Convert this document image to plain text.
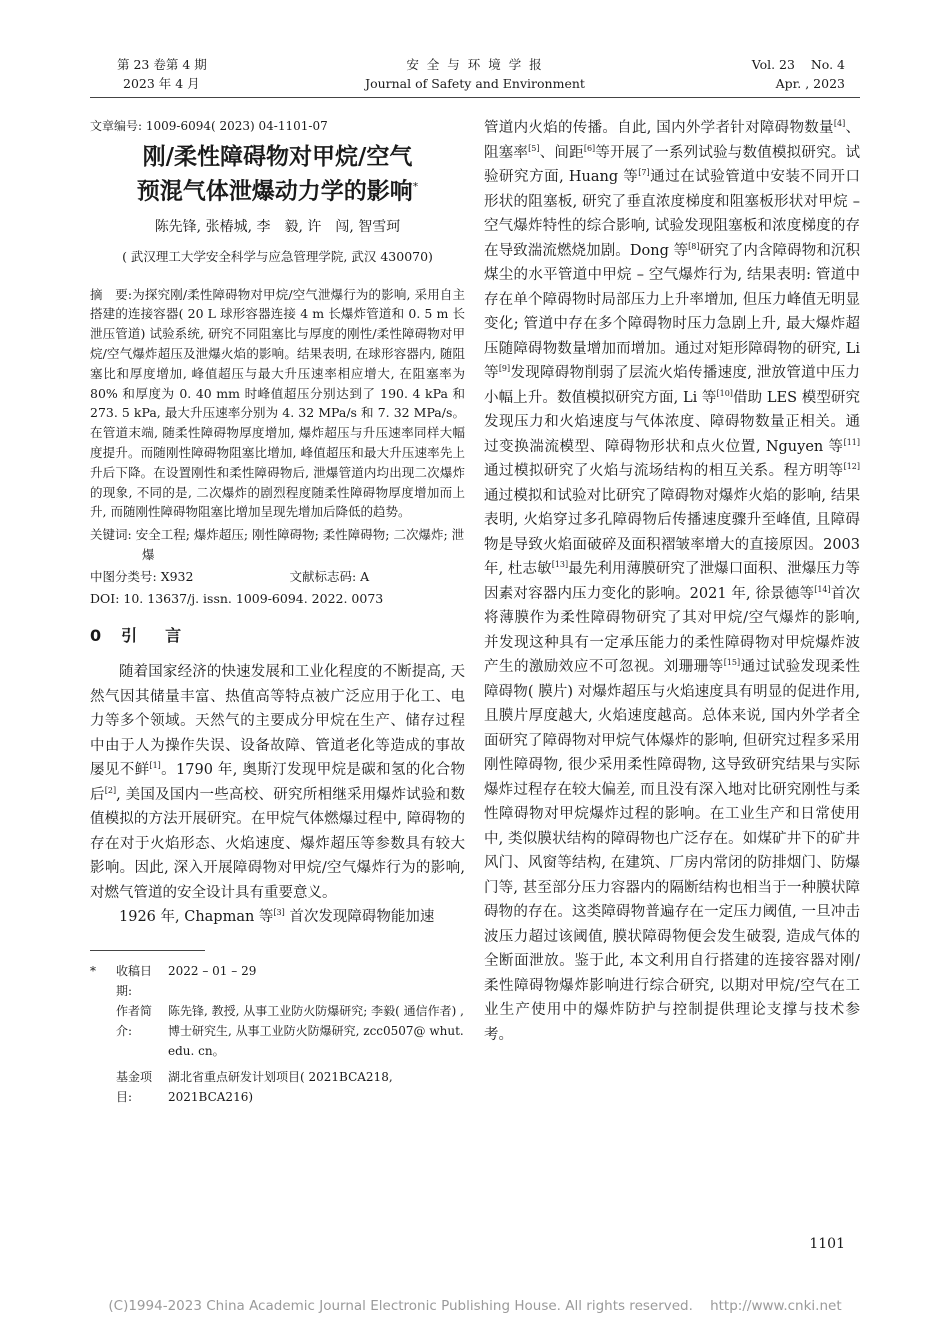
第 23 卷第 4 期
2023 年 4 月
安 全 与 环 境 学 报
Journal of Safety and Environment
Vol. 23    No. 4
Apr. , 2023
文章编号: 1009-6094( 2023) 04-1101-07
刚/柔性障碍物对甲烷/空气
预混气体泄爆动力学的影响*
陈先锋, 张椿城, 李　毅, 许　闯, 智雪珂
( 武汉理工大学安全科学与应急管理学院, 武汉 430070)
摘　要:为探究刚/柔性障碍物对甲烷/空气泄爆行为的影响, 采用自主搭建的连接容器( 20 L 球形容器连接 4 m 长爆炸管道和 0. 5 m 长泄压管道) 试验系统, 研究不同阻塞比与厚度的刚性/柔性障碍物对甲烷/空气爆炸超压及泄爆火焰的影响。结果表明, 在球形容器内, 随阻塞比和厚度增加, 峰值超压与最大升压速率相应增大, 在阻塞率为 80% 和厚度为 0. 40 mm 时峰值超压分别达到了 190. 4 kPa 和 273. 5 kPa, 最大升压速率分别为 4. 32 MPa/s 和 7. 32 MPa/s。在管道末端, 随柔性障碍物厚度增加, 爆炸超压与升压速率同样大幅度提升。而随刚性障碍物阻塞比增加, 峰值超压和最大升压速率先上升后下降。在设置刚性和柔性障碍物后, 泄爆管道内均出现二次爆炸的现象, 不同的是, 二次爆炸的剧烈程度随柔性障碍物厚度增加而上升, 而随刚性障碍物阻塞比增加呈现先增加后降低的趋势。
关键词: 安全工程; 爆炸超压; 刚性障碍物; 柔性障碍物; 二次爆炸; 泄爆
中图分类号: X932	文献标志码: A
DOI: 10. 13637/j. issn. 1009-6094. 2022. 0073
0 引　言

随着国家经济的快速发展和工业化程度的不断提高, 天然气因其储量丰富、热值高等特点被广泛应用于化工、电力等多个领域。天然气的主要成分甲烷在生产、储存过程中由于人为操作失误、设备故障、管道老化等造成的事故屡见不鲜[1]。1790 年, 奥斯汀发现甲烷是碳和氢的化合物后[2], 美国及国内一些高校、研究所相继采用爆炸试验和数值模拟的方法开展研究。在甲烷气体燃爆过程中, 障碍物的存在对于火焰形态、火焰速度、爆炸超压等参数具有较大影响。因此, 深入开展障碍物对甲烷/空气爆炸行为的影响, 对燃气管道的安全设计具有重要意义。

1926 年, Chapman 等[3] 首次发现障碍物能加速

*	收稿日期:
2022 – 01 – 29
作者简介:
陈先锋, 教授, 从事工业防火防爆研究; 李毅( 通信作者) , 博士研究生, 从事工业防火防爆研究, zcc0507@ whut. edu. cn。
基金项目:
湖北省重点研发计划项目( 2021BCA218, 2021BCA216)

管道内火焰的传播。自此, 国内外学者针对障碍物数量[4]、阻塞率[5]、间距[6]等开展了一系列试验与数值模拟研究。试验研究方面, Huang 等[7]通过在试验管道中安装不同开口形状的阻塞板, 研究了垂直浓度梯度和阻塞板形状对甲烷 – 空气爆炸特性的综合影响, 试验发现阻塞板和浓度梯度的存在导致湍流燃烧加剧。Dong 等[8]研究了内含障碍物和沉积煤尘的水平管道中甲烷 – 空气爆炸行为, 结果表明: 管道中存在单个障碍物时局部压力上升率增加, 但压力峰值无明显变化; 管道中存在多个障碍物时压力急剧上升, 最大爆炸超压随障碍物数量增加而增加。通过对矩形障碍物的研究, Li 等[9]发现障碍物削弱了层流火焰传播速度, 泄放管道中压力小幅上升。数值模拟研究方面, Li 等[10]借助 LES 模型研究发现压力和火焰速度与气体浓度、障碍物数量正相关。通过变换湍流模型、障碍物形状和点火位置, Nguyen 等[11]通过模拟研究了火焰与流场结构的相互关系。程方明等[12]通过模拟和试验对比研究了障碍物对爆炸火焰的影响, 结果表明, 火焰穿过多孔障碍物后传播速度骤升至峰值, 且障碍物是导致火焰面破碎及面积褶皱率增大的直接原因。2003 年, 杜志敏[13]最先利用薄膜研究了泄爆口面积、泄爆压力等因素对容器内压力变化的影响。2021 年, 徐景德等[14]首次将薄膜作为柔性障碍物研究了其对甲烷/空气爆炸的影响, 并发现这种具有一定承压能力的柔性障碍物对甲烷爆炸波产生的激励效应不可忽视。刘珊珊等[15]通过试验发现柔性障碍物( 膜片) 对爆炸超压与火焰速度具有明显的促进作用, 且膜片厚度越大, 火焰速度越高。总体来说, 国内外学者全面研究了障碍物对甲烷气体爆炸的影响, 但研究过程多采用刚性障碍物, 很少采用柔性障碍物, 这导致研究结果与实际爆炸过程存在较大偏差, 而且没有深入地对比研究刚性与柔性障碍物对甲烷爆炸过程的影响。在工业生产和日常使用中, 类似膜状结构的障碍物也广泛存在。如煤矿井下的矿井风门、风窗等结构, 在建筑、厂房内常闭的防排烟门、防爆门等, 甚至部分压力容器内的隔断结构也相当于一种膜状障碍物的存在。这类障碍物普遍存在一定压力阈值, 一旦冲击波压力超过该阈值, 膜状障碍物便会发生破裂, 造成气体的全断面泄放。鉴于此, 本文利用自行搭建的连接容器对刚/柔性障碍物爆炸影响进行综合研究, 以期对甲烷/空气在工业生产使用中的爆炸防护与控制提供理论支撑与技术参考。

1101
(C)1994-2023 China Academic Journal Electronic Publishing House. All rights reserved.    http://www.cnki.net
